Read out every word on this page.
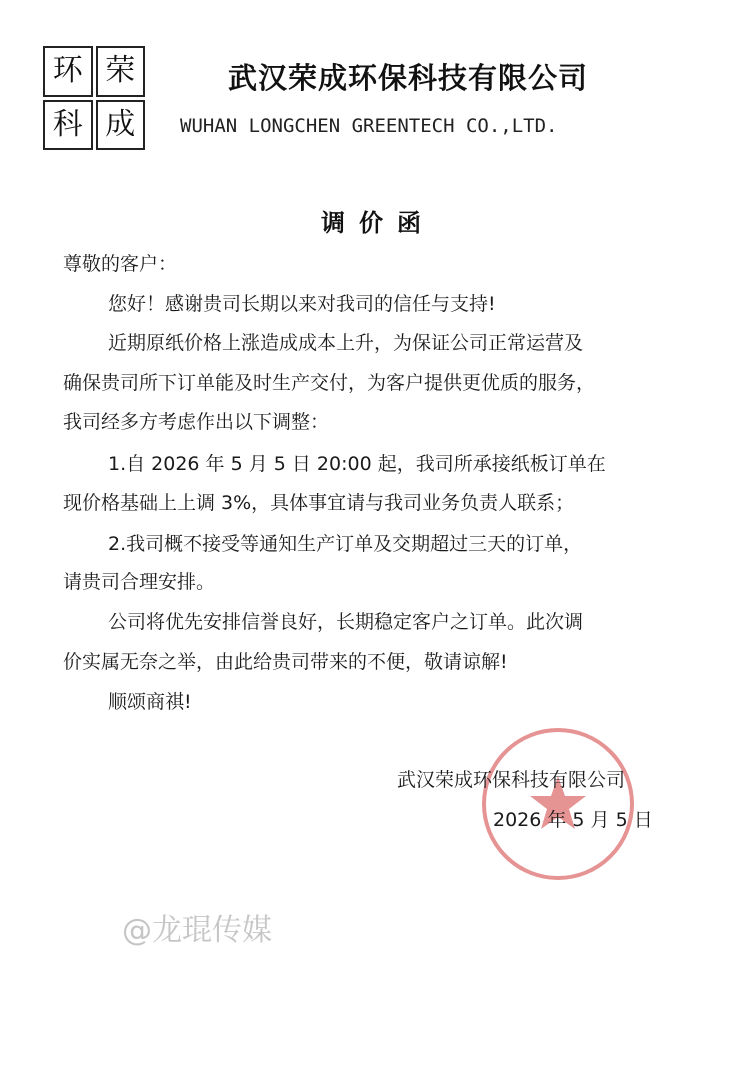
环 荣
科 成
武汉荣成环保科技有限公司
WUHAN LONGCHEN GREENTECH CO.,LTD.
调价函
尊敬的客户：
您好！感谢贵司长期以来对我司的信任与支持!
近期原纸价格上涨造成成本上升，为保证公司正常运营及
确保贵司所下订单能及时生产交付，为客户提供更优质的服务，
我司经多方考虑作出以下调整：
1.自 2026 年 5 月 5 日 20:00 起，我司所承接纸板订单在
现价格基础上上调 3%，具体事宜请与我司业务负责人联系；
2.我司概不接受等通知生产订单及交期超过三天的订单，
请贵司合理安排。
公司将优先安排信誉良好，长期稳定客户之订单。此次调
价实属无奈之举，由此给贵司带来的不便，敬请谅解!
顺颂商祺!
武汉荣成环保科技有限公司
2026 年 5 月 5 日
@龙琨传媒
